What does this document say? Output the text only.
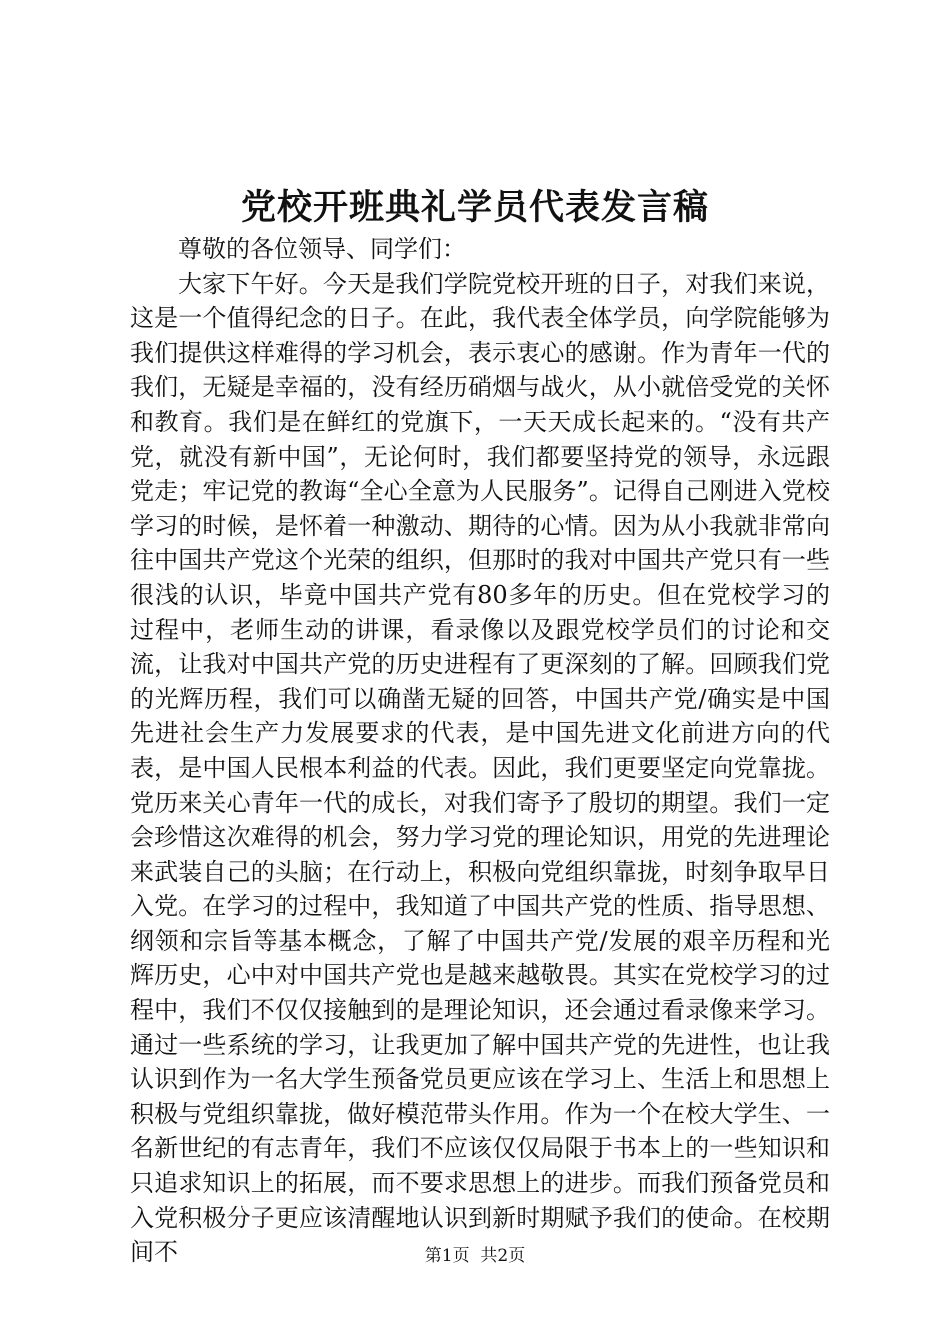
党校开班典礼学员代表发言稿

尊敬的各位领导、同学们：

大家下午好。今天是我们学院党校开班的日子，对我们来说，这是一个值得纪念的日子。在此，我代表全体学员，向学院能够为我们提供这样难得的学习机会，表示衷心的感谢。作为青年一代的我们，无疑是幸福的，没有经历硝烟与战火，从小就倍受党的关怀和教育。我们是在鲜红的党旗下，一天天成长起来的。“没有共产党，就没有新中国”，无论何时，我们都要坚持党的领导，永远跟党走；牢记党的教诲“全心全意为人民服务”。记得自己刚进入党校学习的时候，是怀着一种激动、期待的心情。因为从小我就非常向往中国共产党这个光荣的组织，但那时的我对中国共产党只有一些很浅的认识，毕竟中国共产党有80多年的历史。但在党校学习的过程中，老师生动的讲课，看录像以及跟党校学员们的讨论和交流，让我对中国共产党的历史进程有了更深刻的了解。回顾我们党的光辉历程，我们可以确凿无疑的回答，中国共产党/确实是中国先进社会生产力发展要求的代表，是中国先进文化前进方向的代表，是中国人民根本利益的代表。因此，我们更要坚定向党靠拢。党历来关心青年一代的成长，对我们寄予了殷切的期望。我们一定会珍惜这次难得的机会，努力学习党的理论知识，用党的先进理论来武装自己的头脑；在行动上，积极向党组织靠拢，时刻争取早日入党。在学习的过程中，我知道了中国共产党的性质、指导思想、纲领和宗旨等基本概念，了解了中国共产党/发展的艰辛历程和光辉历史，心中对中国共产党也是越来越敬畏。其实在党校学习的过程中，我们不仅仅接触到的是理论知识，还会通过看录像来学习。通过一些系统的学习，让我更加了解中国共产党的先进性，也让我认识到作为一名大学生预备党员更应该在学习上、生活上和思想上积极与党组织靠拢，做好模范带头作用。作为一个在校大学生、一名新世纪的有志青年，我们不应该仅仅局限于书本上的一些知识和只追求知识上的拓展，而不要求思想上的进步。而我们预备党员和入党积极分子更应该清醒地认识到新时期赋予我们的使命。在校期间不	第1页 共2页
